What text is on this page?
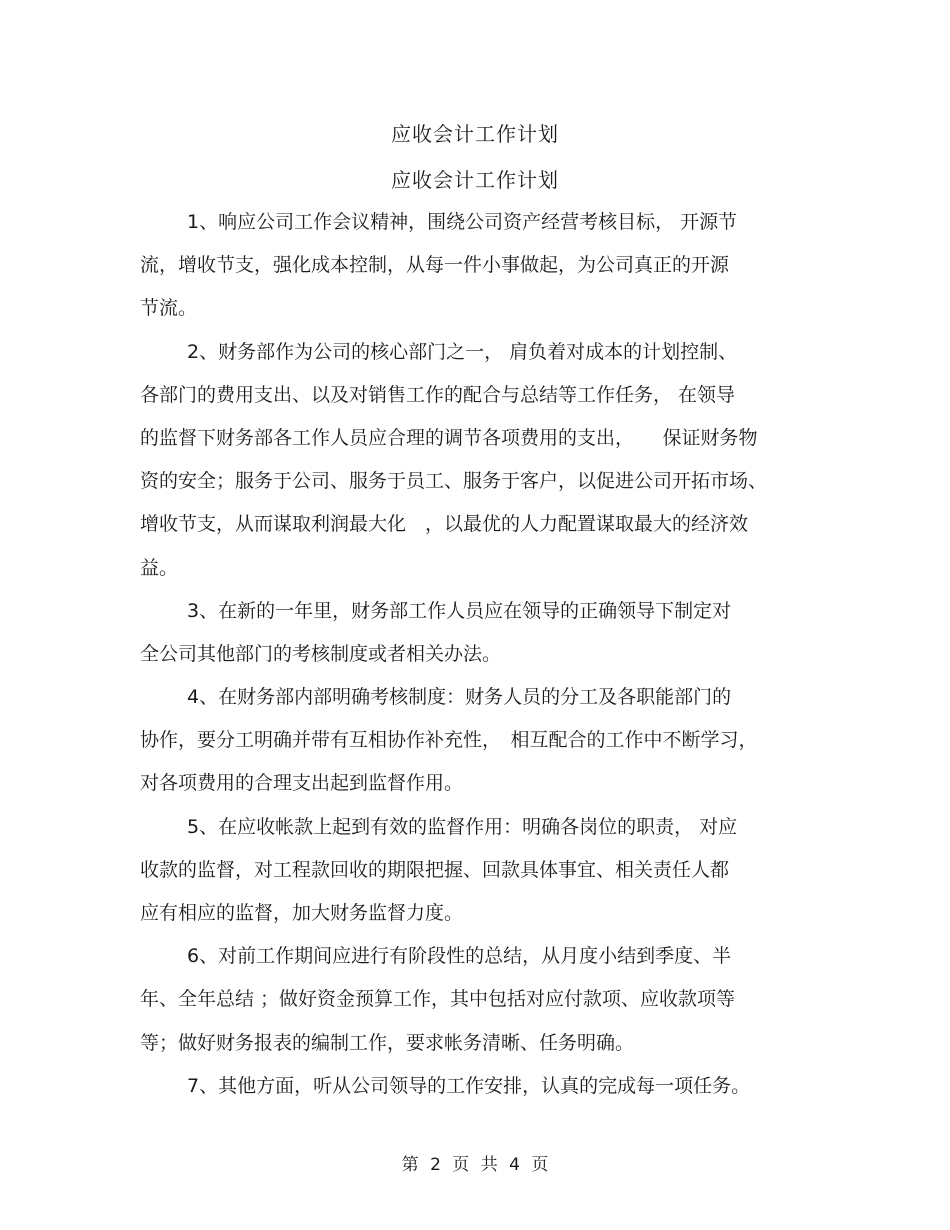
应收会计工作计划
应收会计工作计划
1、响应公司工作会议精神，围绕公司资产经营考核目标， 开源节
流，增收节支，强化成本控制，从每一件小事做起，为公司真正的开源
节流。
2、财务部作为公司的核心部门之一， 肩负着对成本的计划控制、
各部门的费用支出、以及对销售工作的配合与总结等工作任务， 在领导
的监督下财务部各工作人员应合理的调节各项费用的支出，　　保证财务物
资的安全；服务于公司、服务于员工、服务于客户，以促进公司开拓市场、
增收节支，从而谋取利润最大化　，以最优的人力配置谋取最大的经济效
益。
3、在新的一年里，财务部工作人员应在领导的正确领导下制定对
全公司其他部门的考核制度或者相关办法。
4、在财务部内部明确考核制度：财务人员的分工及各职能部门的
协作，要分工明确并带有互相协作补充性，　相互配合的工作中不断学习，
对各项费用的合理支出起到监督作用。
5、在应收帐款上起到有效的监督作用：明确各岗位的职责， 对应
收款的监督，对工程款回收的期限把握、回款具体事宜、相关责任人都
应有相应的监督，加大财务监督力度。
6、对前工作期间应进行有阶段性的总结，从月度小结到季度、半
年、全年总结 ；做好资金预算工作，其中包括对应付款项、应收款项等
等；做好财务报表的编制工作，要求帐务清晰、任务明确。
7、其他方面，听从公司领导的工作安排，认真的完成每一项任务。
第 2 页 共 4 页
